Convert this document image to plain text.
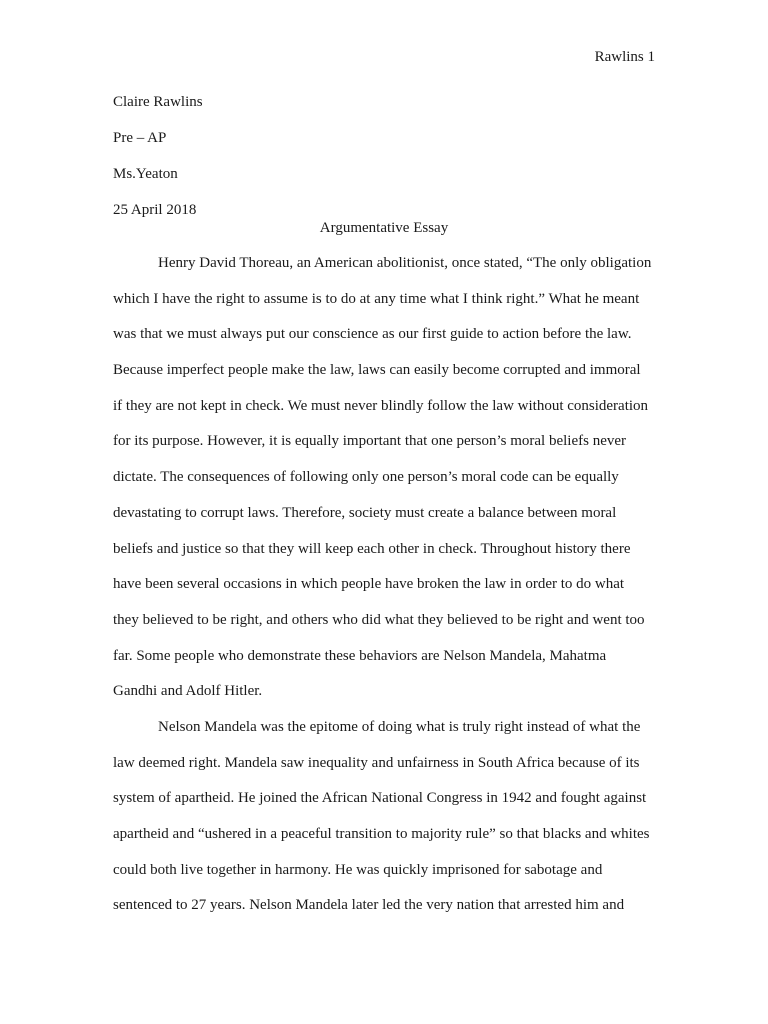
Rawlins 1
Claire Rawlins
Pre – AP
Ms.Yeaton
25 April 2018
Argumentative Essay
Henry David Thoreau, an American abolitionist, once stated, “The only obligation
which I have the right to assume is to do at any time what I think right.” What he meant
was that we must always put our conscience as our first guide to action before the law.
Because imperfect people make the law, laws can easily become corrupted and immoral
if they are not kept in check. We must never blindly follow the law without consideration
for its purpose. However, it is equally important that one person’s moral beliefs never
dictate. The consequences of following only one person’s moral code can be equally
devastating to corrupt laws. Therefore, society must create a balance between moral
beliefs and justice so that they will keep each other in check. Throughout history there
have been several occasions in which people have broken the law in order to do what
they believed to be right, and others who did what they believed to be right and went too
far. Some people who demonstrate these behaviors are Nelson Mandela, Mahatma
Gandhi and Adolf Hitler.
Nelson Mandela was the epitome of doing what is truly right instead of what the
law deemed right. Mandela saw inequality and unfairness in South Africa because of its
system of apartheid. He joined the African National Congress in 1942 and fought against
apartheid and “ushered in a peaceful transition to majority rule” so that blacks and whites
could both live together in harmony. He was quickly imprisoned for sabotage and
sentenced to 27 years. Nelson Mandela later led the very nation that arrested him and
